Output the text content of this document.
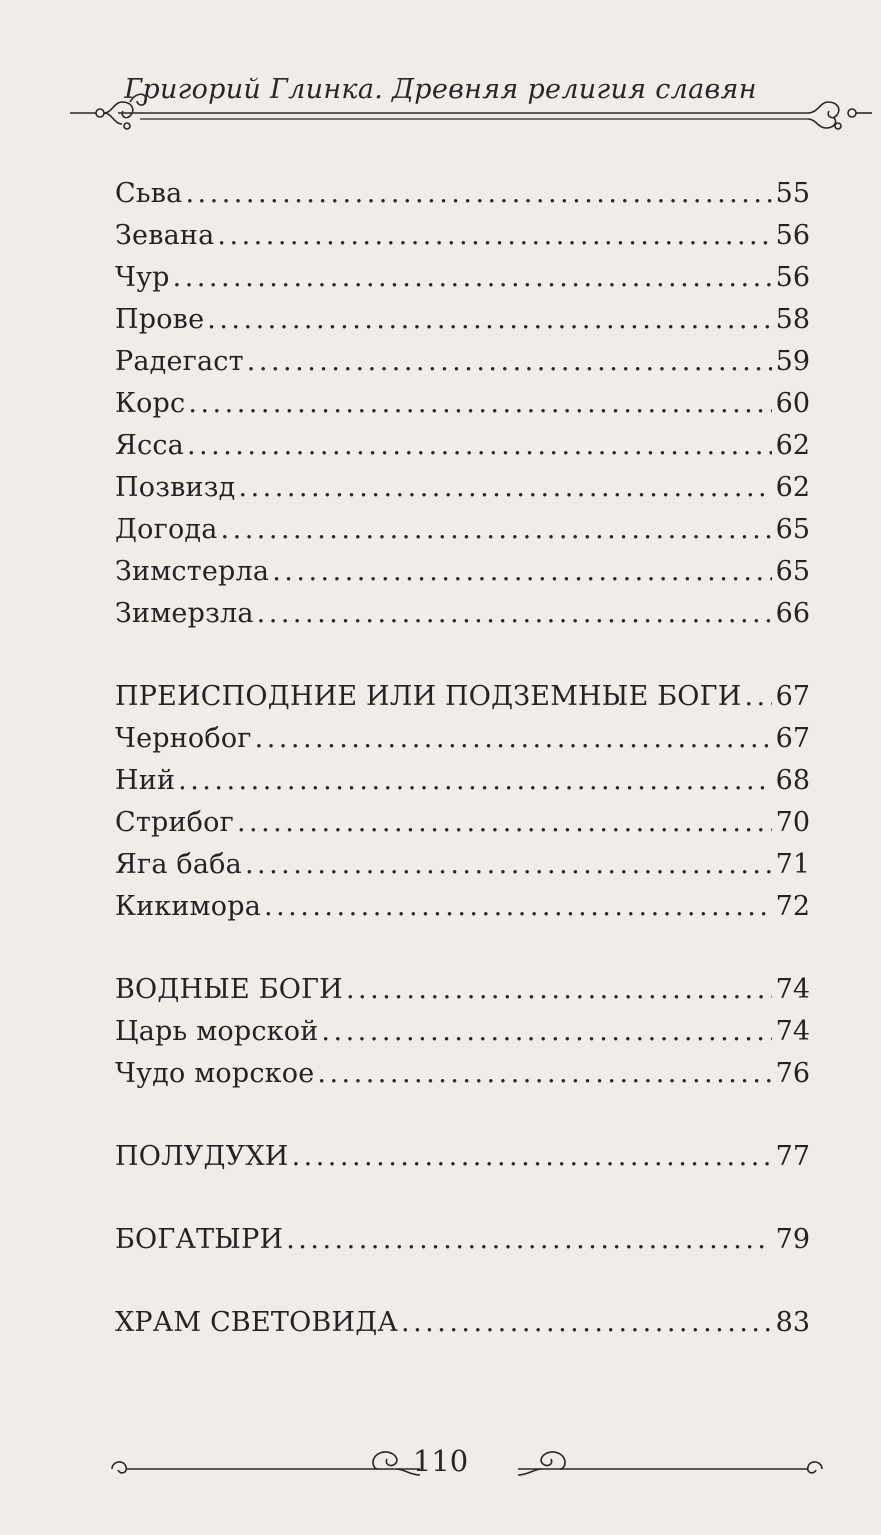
Григорий Глинка. Древняя религия славян
Сьва .....	55
Зевана .....	56
Чур .....	56
Прове .....	58
Радегаст .....	59
Корс .....	60
Ясса .....	62
Позвизд .....	62
Догода .....	65
Зимстерла .....	65
Зимерзла .....	66
ПРЕИСПОДНИЕ ИЛИ ПОДЗЕМНЫЕ БОГИ ..... 67
Чернобог .....	67
Ний .....	68
Стрибог .....	70
Яга баба .....	71
Кикимора .....	72
ВОДНЫЕ БОГИ .....	74
Царь морской .....	74
Чудо морское .....	76
ПОЛУДУХИ .....	77
БОГАТЫРИ .....	79
ХРАМ СВЕТОВИДА .....	83
110
